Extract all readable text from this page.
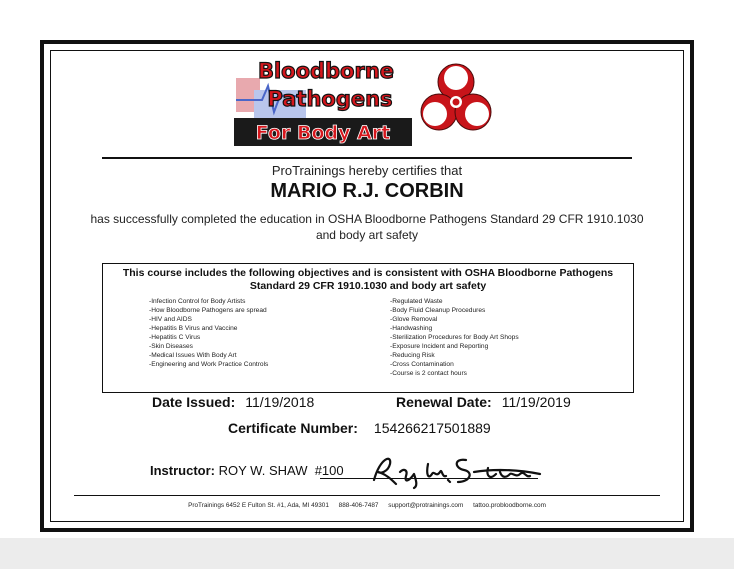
Bloodborne
Pathogens
For Body Art
ProTrainings hereby certifies that
MARIO R.J. CORBIN
has successfully completed the education in OSHA Bloodborne Pathogens Standard 29 CFR 1910.1030 and body art safety
This course includes the following objectives and is consistent with OSHA Bloodborne Pathogens Standard 29 CFR 1910.1030 and body art safety
-Infection Control for Body Artists
-How Bloodborne Pathogens are spread
-HIV and AIDS
-Hepatitis B Virus and Vaccine
-Hepatitis C Virus
-Skin Diseases
-Medical Issues With Body Art
-Engineering and Work Practice Controls
-Regulated Waste
-Body Fluid Cleanup Procedures
-Glove Removal
-Handwashing
-Sterilization Procedures for Body Art Shops
-Exposure Incident and Reporting
-Reducing Risk
-Cross Contamination
-Course is 2 contact hours
Date Issued: 11/19/2018	Renewal Date: 11/19/2019
Certificate Number: 154266217501889
Instructor: ROY W. SHAW  #100
ProTrainings 6452 E Fulton St. #1, Ada, MI 49301 888-406-7487 support@protrainings.com tattoo.probloodborne.com
